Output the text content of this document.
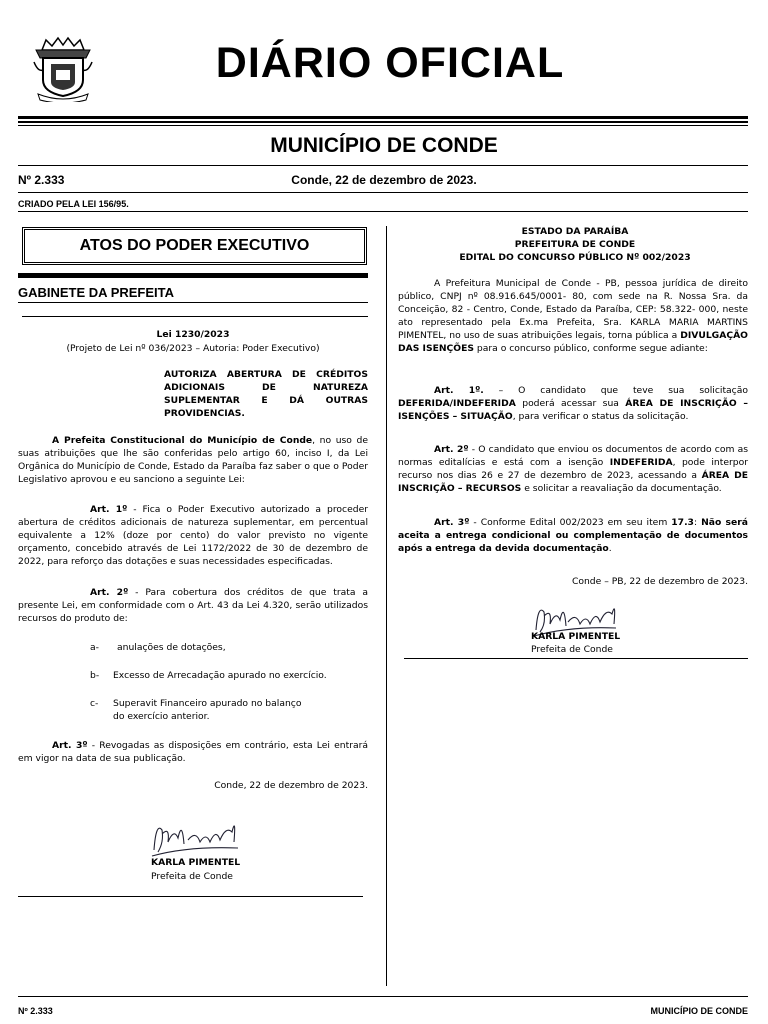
DIÁRIO OFICIAL
MUNICÍPIO DE CONDE
Nº 2.333	Conde, 22 de dezembro de 2023.
CRIADO PELA LEI 156/95.
ATOS DO PODER EXECUTIVO
GABINETE DA PREFEITA
Lei 1230/2023
(Projeto de Lei nº 036/2023 – Autoria: Poder Executivo)
AUTORIZA ABERTURA DE CRÉDITOS ADICIONAIS DE NATUREZA SUPLEMENTAR E DÁ OUTRAS PROVIDENCIAS.
A Prefeita Constitucional do Município de Conde, no uso de suas atribuições que lhe são conferidas pelo artigo 60, inciso I, da Lei Orgânica do Município de Conde, Estado da Paraíba faz saber o que o Poder Legislativo aprovou e eu sanciono a seguinte Lei:
Art. 1º - Fica o Poder Executivo autorizado a proceder abertura de créditos adicionais de natureza suplementar, em percentual equivalente a 12% (doze por cento) do valor previsto no vigente orçamento, concebido através de Lei 1172/2022 de 30 de dezembro de 2022, para reforço das dotações e suas necessidades especificadas.
Art. 2º - Para cobertura dos créditos de que trata a presente Lei, em conformidade com o Art. 43 da Lei 4.320, serão utilizados recursos do produto de:
a- anulações de dotações,
b- Excesso de Arrecadação apurado no exercício.
c- Superavit Financeiro apurado no balanço do exercício anterior.
Art. 3º - Revogadas as disposições em contrário, esta Lei entrará em vigor na data de sua publicação.
Conde, 22 de dezembro de 2023.
KARLA PIMENTEL
Prefeita de Conde
ESTADO DA PARAÍBA
PREFEITURA DE CONDE
EDITAL DO CONCURSO PÚBLICO Nº 002/2023
A Prefeitura Municipal de Conde - PB, pessoa jurídica de direito público, CNPJ nº 08.916.645/0001- 80, com sede na R. Nossa Sra. da Conceição, 82 - Centro, Conde, Estado da Paraíba, CEP: 58.322- 000, neste ato representado pela Ex.ma Prefeita, Sra. KARLA MARIA MARTINS PIMENTEL, no uso de suas atribuições legais, torna pública a DIVULGAÇÃO DAS ISENÇÕES para o concurso público, conforme segue adiante:
Art. 1º. – O candidato que teve sua solicitação DEFERIDA/INDEFERIDA poderá acessar sua ÁREA DE INSCRIÇÃO – ISENÇÕES – SITUAÇÃO, para verificar o status da solicitação.
Art. 2º - O candidato que enviou os documentos de acordo com as normas editalícias e está com a isenção INDEFERIDA, pode interpor recurso nos dias 26 e 27 de dezembro de 2023, acessando a ÁREA DE INSCRIÇÃO – RECURSOS e solicitar a reavaliação da documentação.
Art. 3º - Conforme Edital 002/2023 em seu item 17.3: Não será aceita a entrega condicional ou complementação de documentos após a entrega da devida documentação.
Conde – PB, 22 de dezembro de 2023.
KARLA PIMENTEL
Prefeita de Conde
Nº 2.333	MUNICÍPIO DE CONDE
